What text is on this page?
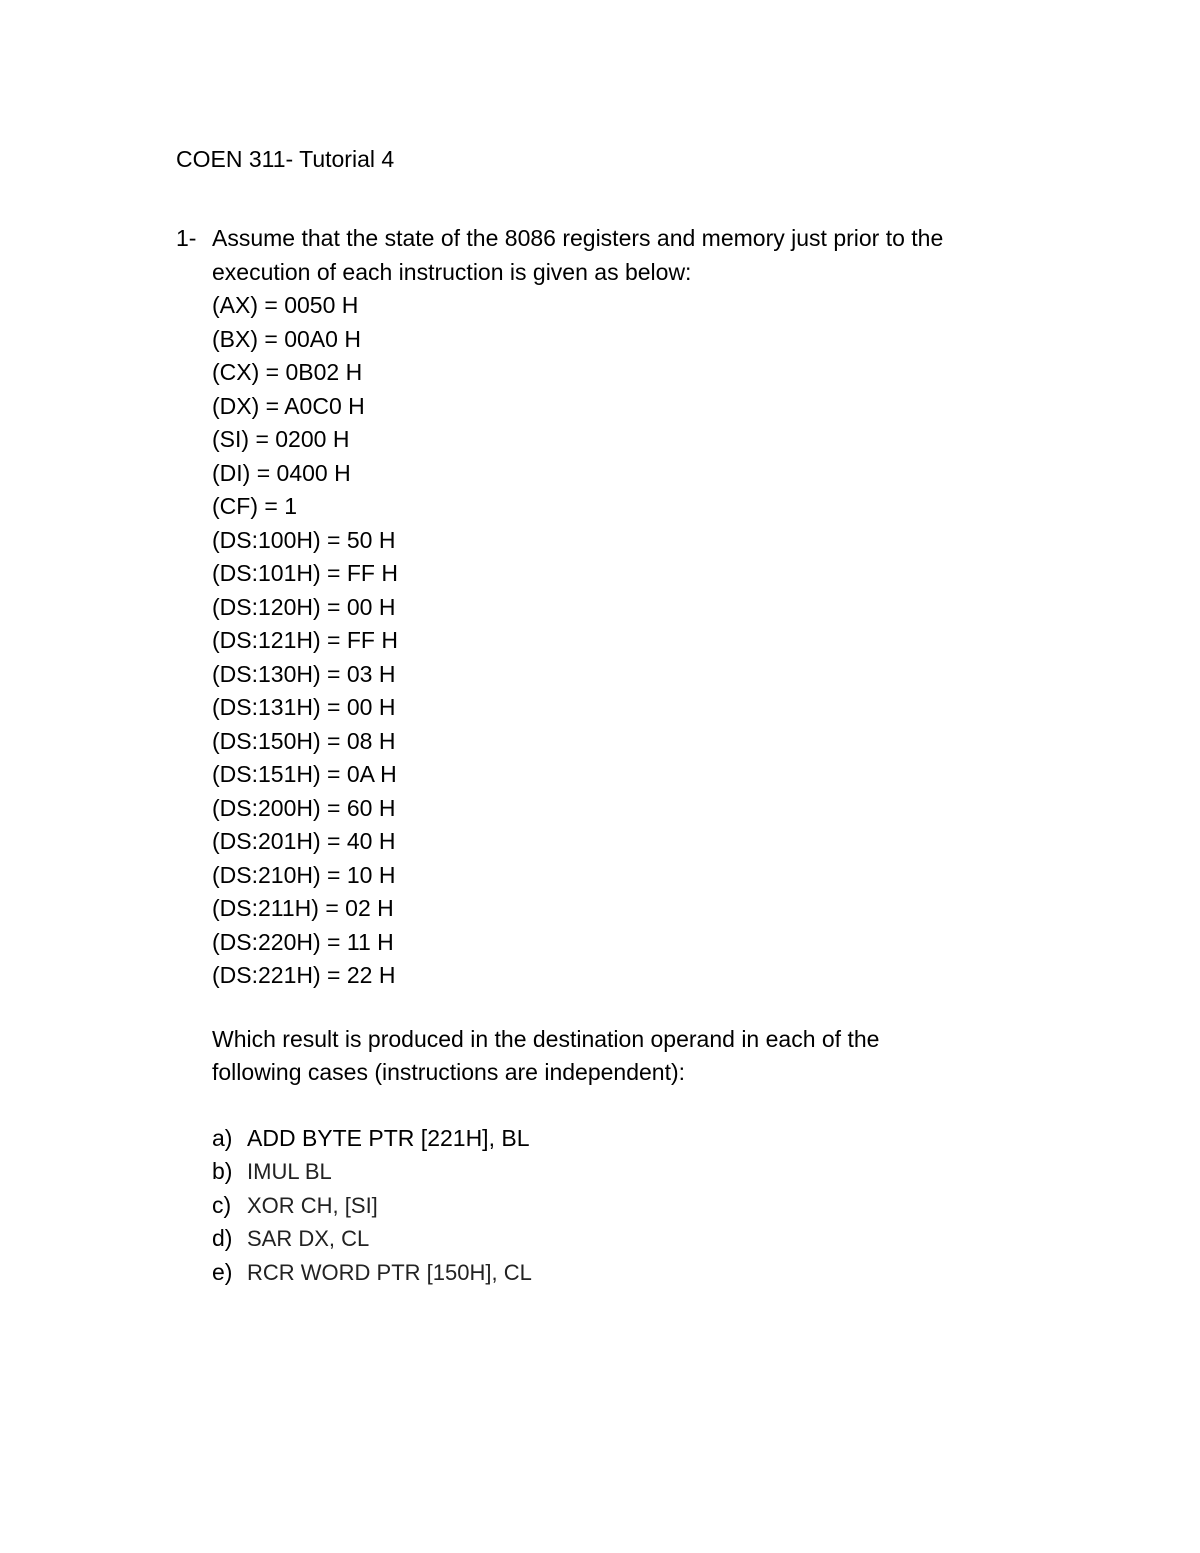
COEN 311- Tutorial 4
1- Assume that the state of the 8086 registers and memory just prior to the
execution of each instruction is given as below:
(AX) = 0050 H
(BX) = 00A0 H
(CX) = 0B02 H
(DX) = A0C0 H
(SI) = 0200 H
(DI) = 0400 H
(CF) = 1
(DS:100H) = 50 H
(DS:101H) = FF H
(DS:120H) = 00 H
(DS:121H) = FF H
(DS:130H) = 03 H
(DS:131H) = 00 H
(DS:150H) = 08 H
(DS:151H) = 0A H
(DS:200H) = 60 H
(DS:201H) = 40 H
(DS:210H) = 10 H
(DS:211H) = 02 H
(DS:220H) = 11 H
(DS:221H) = 22 H
Which result is produced in the destination operand in each of the
following cases (instructions are independent):
a) ADD BYTE PTR [221H], BL
b) IMUL BL
c) XOR CH, [SI]
d) SAR DX, CL
e) RCR WORD PTR [150H], CL
